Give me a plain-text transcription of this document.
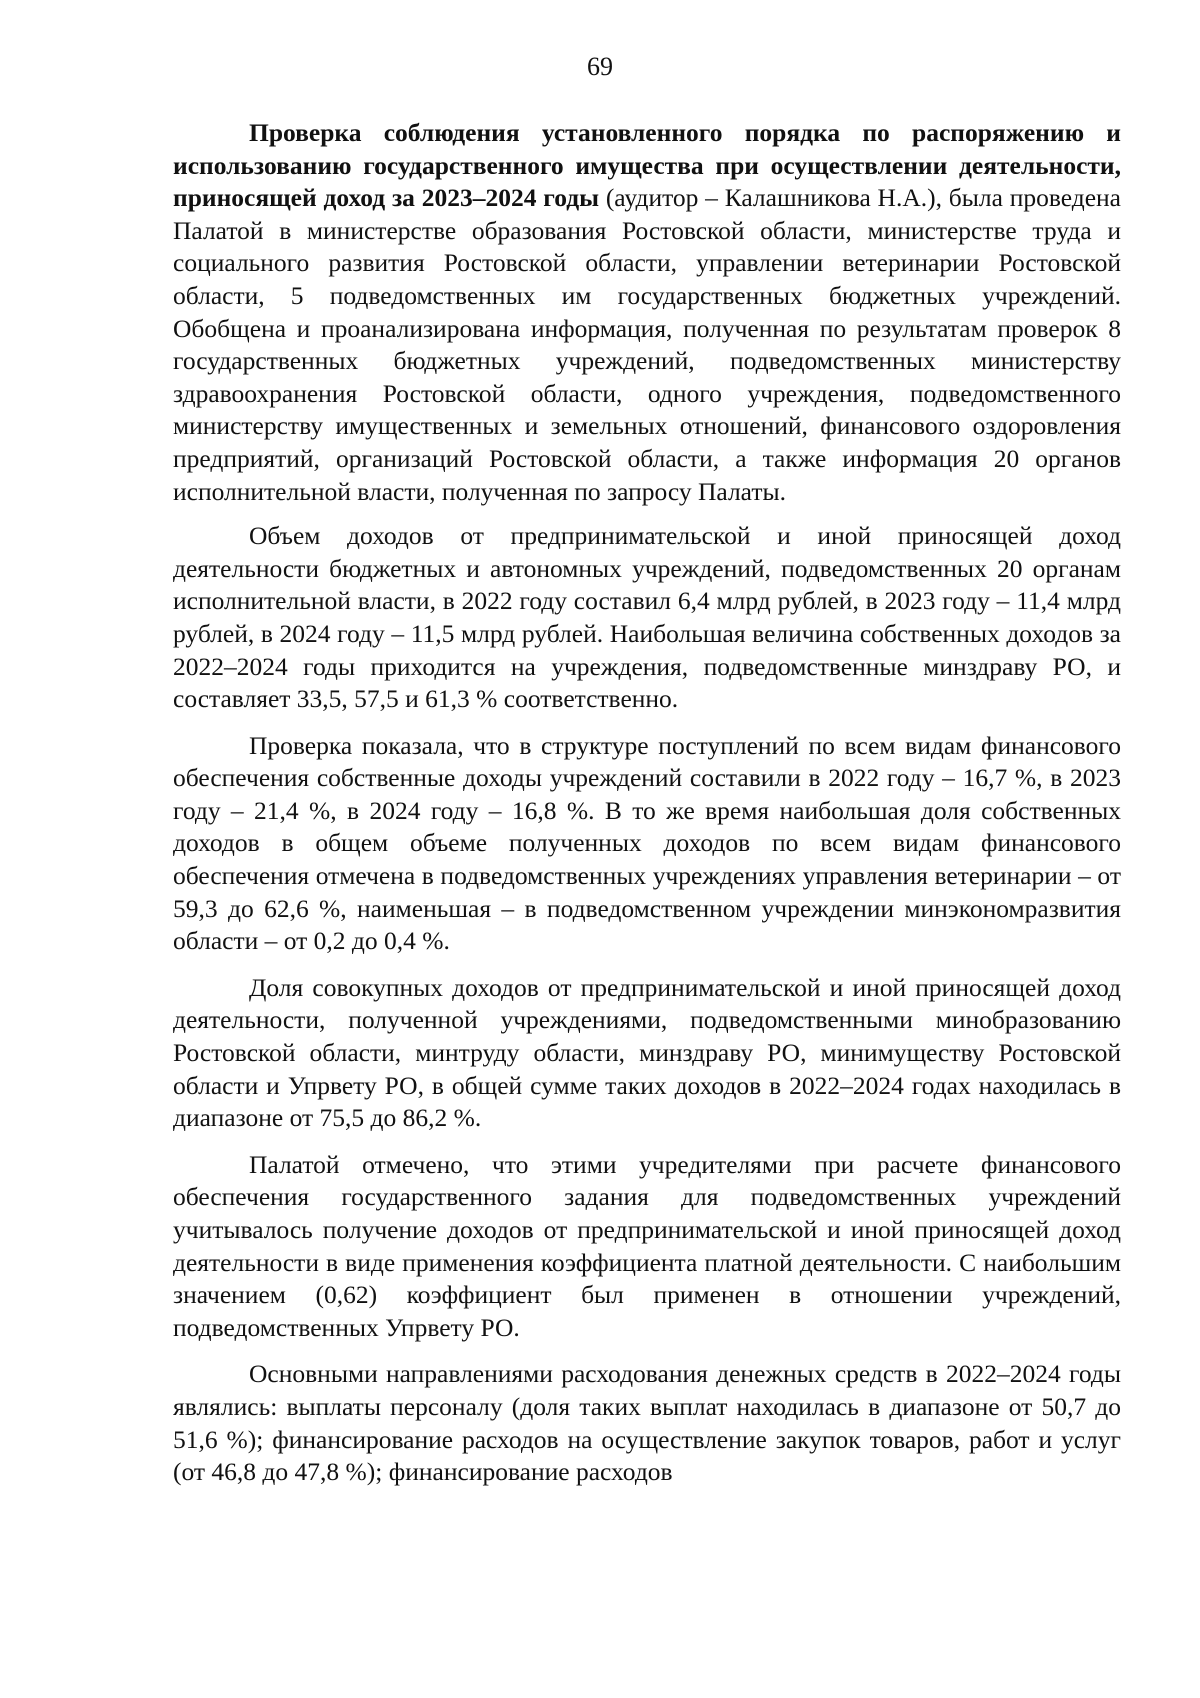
69

Проверка соблюдения установленного порядка по распоряжению и использованию государственного имущества при осуществлении деятельности, приносящей доход за 2023–2024 годы (аудитор – Калашникова Н.А.), была проведена Палатой в министерстве образования Ростовской области, министерстве труда и социального развития Ростовской области, управлении ветеринарии Ростовской области, 5 подведомственных им государственных бюджетных учреждений. Обобщена и проанализирована информация, полученная по результатам проверок 8 государственных бюджетных учреждений, подведомственных министерству здравоохранения Ростовской области, одного учреждения, подведомственного министерству имущественных и земельных отношений, финансового оздоровления предприятий, организаций Ростовской области, а также информация 20 органов исполнительной власти, полученная по запросу Палаты.

Объем доходов от предпринимательской и иной приносящей доход деятельности бюджетных и автономных учреждений, подведомственных 20 органам исполнительной власти, в 2022 году составил 6,4 млрд рублей, в 2023 году – 11,4 млрд рублей, в 2024 году – 11,5 млрд рублей. Наибольшая величина собственных доходов за 2022–2024 годы приходится на учреждения, подведомственные минздраву РО, и составляет 33,5, 57,5 и 61,3 % соответственно.

Проверка показала, что в структуре поступлений по всем видам финансового обеспечения собственные доходы учреждений составили в 2022 году – 16,7 %, в 2023 году – 21,4 %, в 2024 году – 16,8 %. В то же время наибольшая доля собственных доходов в общем объеме полученных доходов по всем видам финансового обеспечения отмечена в подведомственных учреждениях управления ветеринарии – от 59,3 до 62,6 %, наименьшая – в подведомственном учреждении минэкономразвития области – от 0,2 до 0,4 %.

Доля совокупных доходов от предпринимательской и иной приносящей доход деятельности, полученной учреждениями, подведомственными минобразованию Ростовской области, минтруду области, минздраву РО, минимуществу Ростовской области и Упрвету РО, в общей сумме таких доходов в 2022–2024 годах находилась в диапазоне от 75,5 до 86,2 %.

Палатой отмечено, что этими учредителями при расчете финансового обеспечения государственного задания для подведомственных учреждений учитывалось получение доходов от предпринимательской и иной приносящей доход деятельности в виде применения коэффициента платной деятельности. С наибольшим значением (0,62) коэффициент был применен в отношении учреждений, подведомственных Упрвету РО.

Основными направлениями расходования денежных средств в 2022–2024 годы являлись: выплаты персоналу (доля таких выплат находилась в диапазоне от 50,7 до 51,6 %); финансирование расходов на осуществление закупок товаров, работ и услуг (от 46,8 до 47,8 %); финансирование расходов
